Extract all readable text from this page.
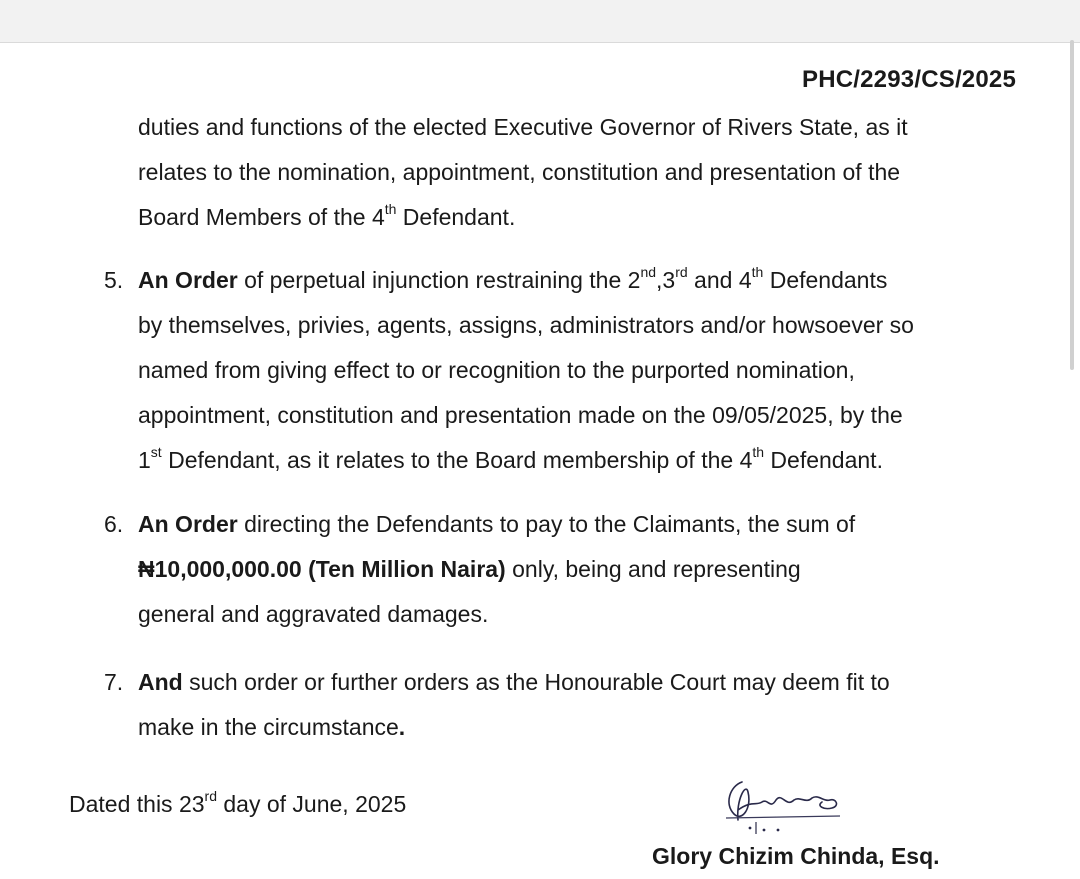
PHC/2293/CS/2025

duties and functions of the elected Executive Governor of Rivers State, as it

relates to the nomination, appointment, constitution and presentation of the

Board Members of the 4th Defendant.

5. An Order of perpetual injunction restraining the 2nd,3rd and 4th Defendants

by themselves, privies, agents, assigns, administrators and/or howsoever so

named from giving effect to or recognition to the purported nomination,

appointment, constitution and presentation made on the 09/05/2025, by the

1st Defendant, as it relates to the Board membership of the 4th Defendant.

6. An Order directing the Defendants to pay to the Claimants, the sum of

₦10,000,000.00 (Ten Million Naira) only, being and representing

general and aggravated damages.

7. And such order or further orders as the Honourable Court may deem fit to

make in the circumstance.

Dated this 23rd day of June, 2025
Glory Chizim Chinda, Esq.
